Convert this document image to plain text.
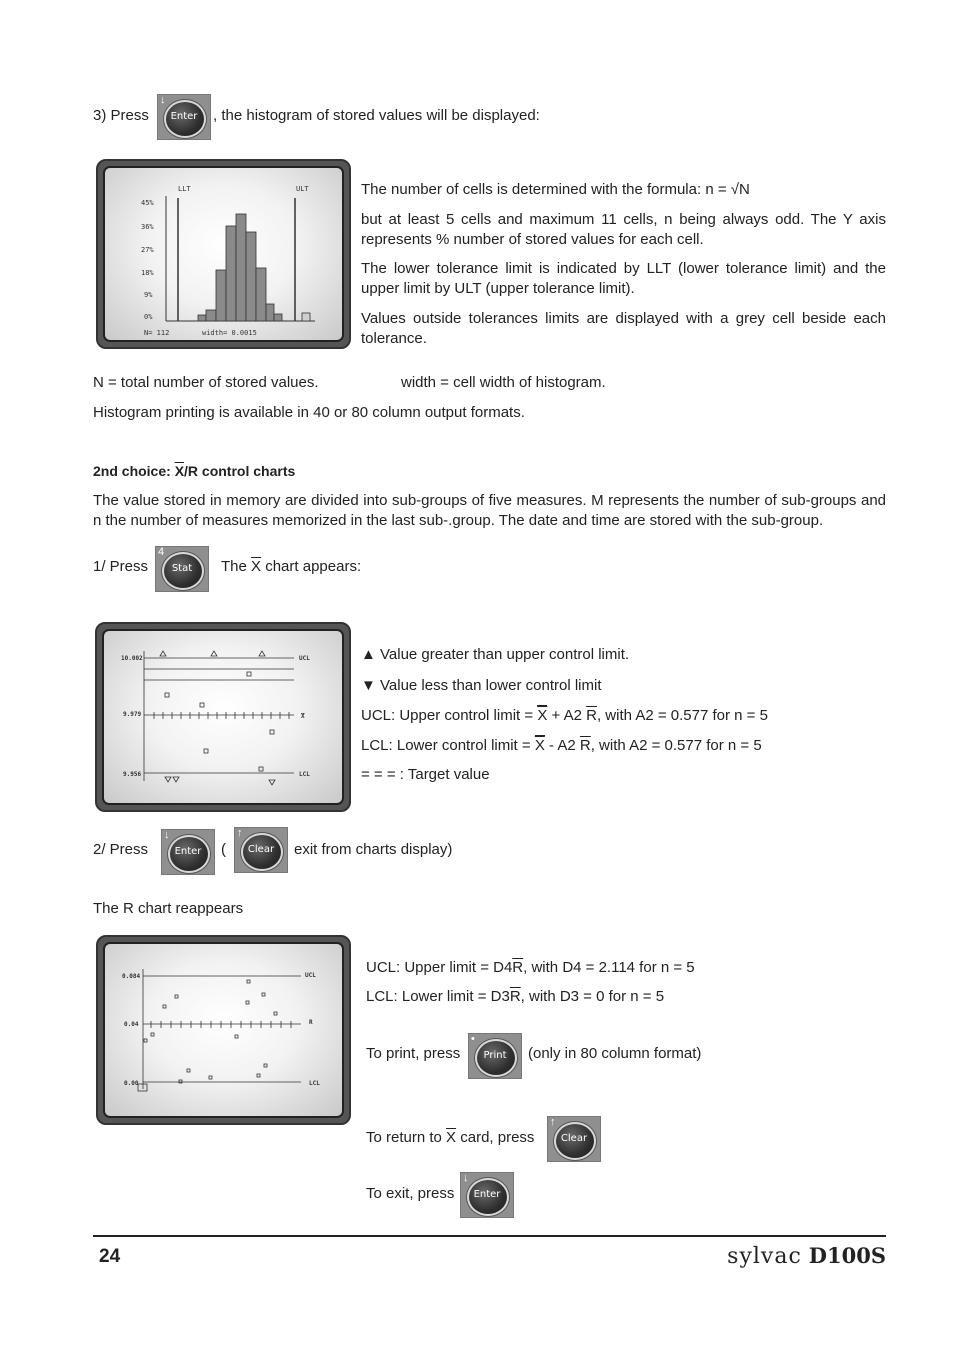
3) Press
↓
Enter	, the histogram of stored values will be displayed:
LLT	ULT
45%
36%
27%
18%
9%
0%
N= 112	width= 0.0015
The number of cells is determined with the formula: n = √N
but at least 5 cells and maximum 11 cells, n being always odd. The Y axis represents % number of stored values for each cell.
The lower tolerance limit is indicated by LLT (lower tolerance limit) and the upper limit by ULT (upper tolerance limit).
Values outside tolerances limits are displayed with a grey cell beside each tolerance.
N = total number of stored values.	width = cell width of histogram.
Histogram printing is available in 40 or 80 column output formats.
2nd choice: $\overline{X}/R$ control charts
The value stored in memory are divided into sub-groups of five measures. M represents the number of sub-groups and n the number of measures memorized in the last sub-.group. The date and time are stored with the sub-group.
1/ Press
4
Stat	The $\overline{X}$ chart appears:
10.002
9.979
9.956
UCL
X
LCL
▲ Value greater than upper control limit.
▼ Value less than lower control limit
UCL: Upper control limit = $\overline{X} + A2$ $\overline{R}$, with A2 = 0.577 for n = 5
LCL: Lower control limit = $\overline{X} - A2$ $\overline{R}$, with A2 = 0.577 for n = 5
= = = : Target value
2/ Press
↓
Enter	(
↑
Clear	exit from charts display)
The R chart reappears
0.084
0.04
0.00
UCL
R
LCL
UCL: Upper limit = $D4\overline{R}$, with D4 = 2.114 for n = 5
LCL: Lower limit = $D3\overline{R}$, with D3 = 0 for n = 5
To print, press
•
Print	(only in 80 column format)
To return to $\overline{X}$ card, press
↑
Clear
To exit, press
↓
Enter
24	sylvac D100S
